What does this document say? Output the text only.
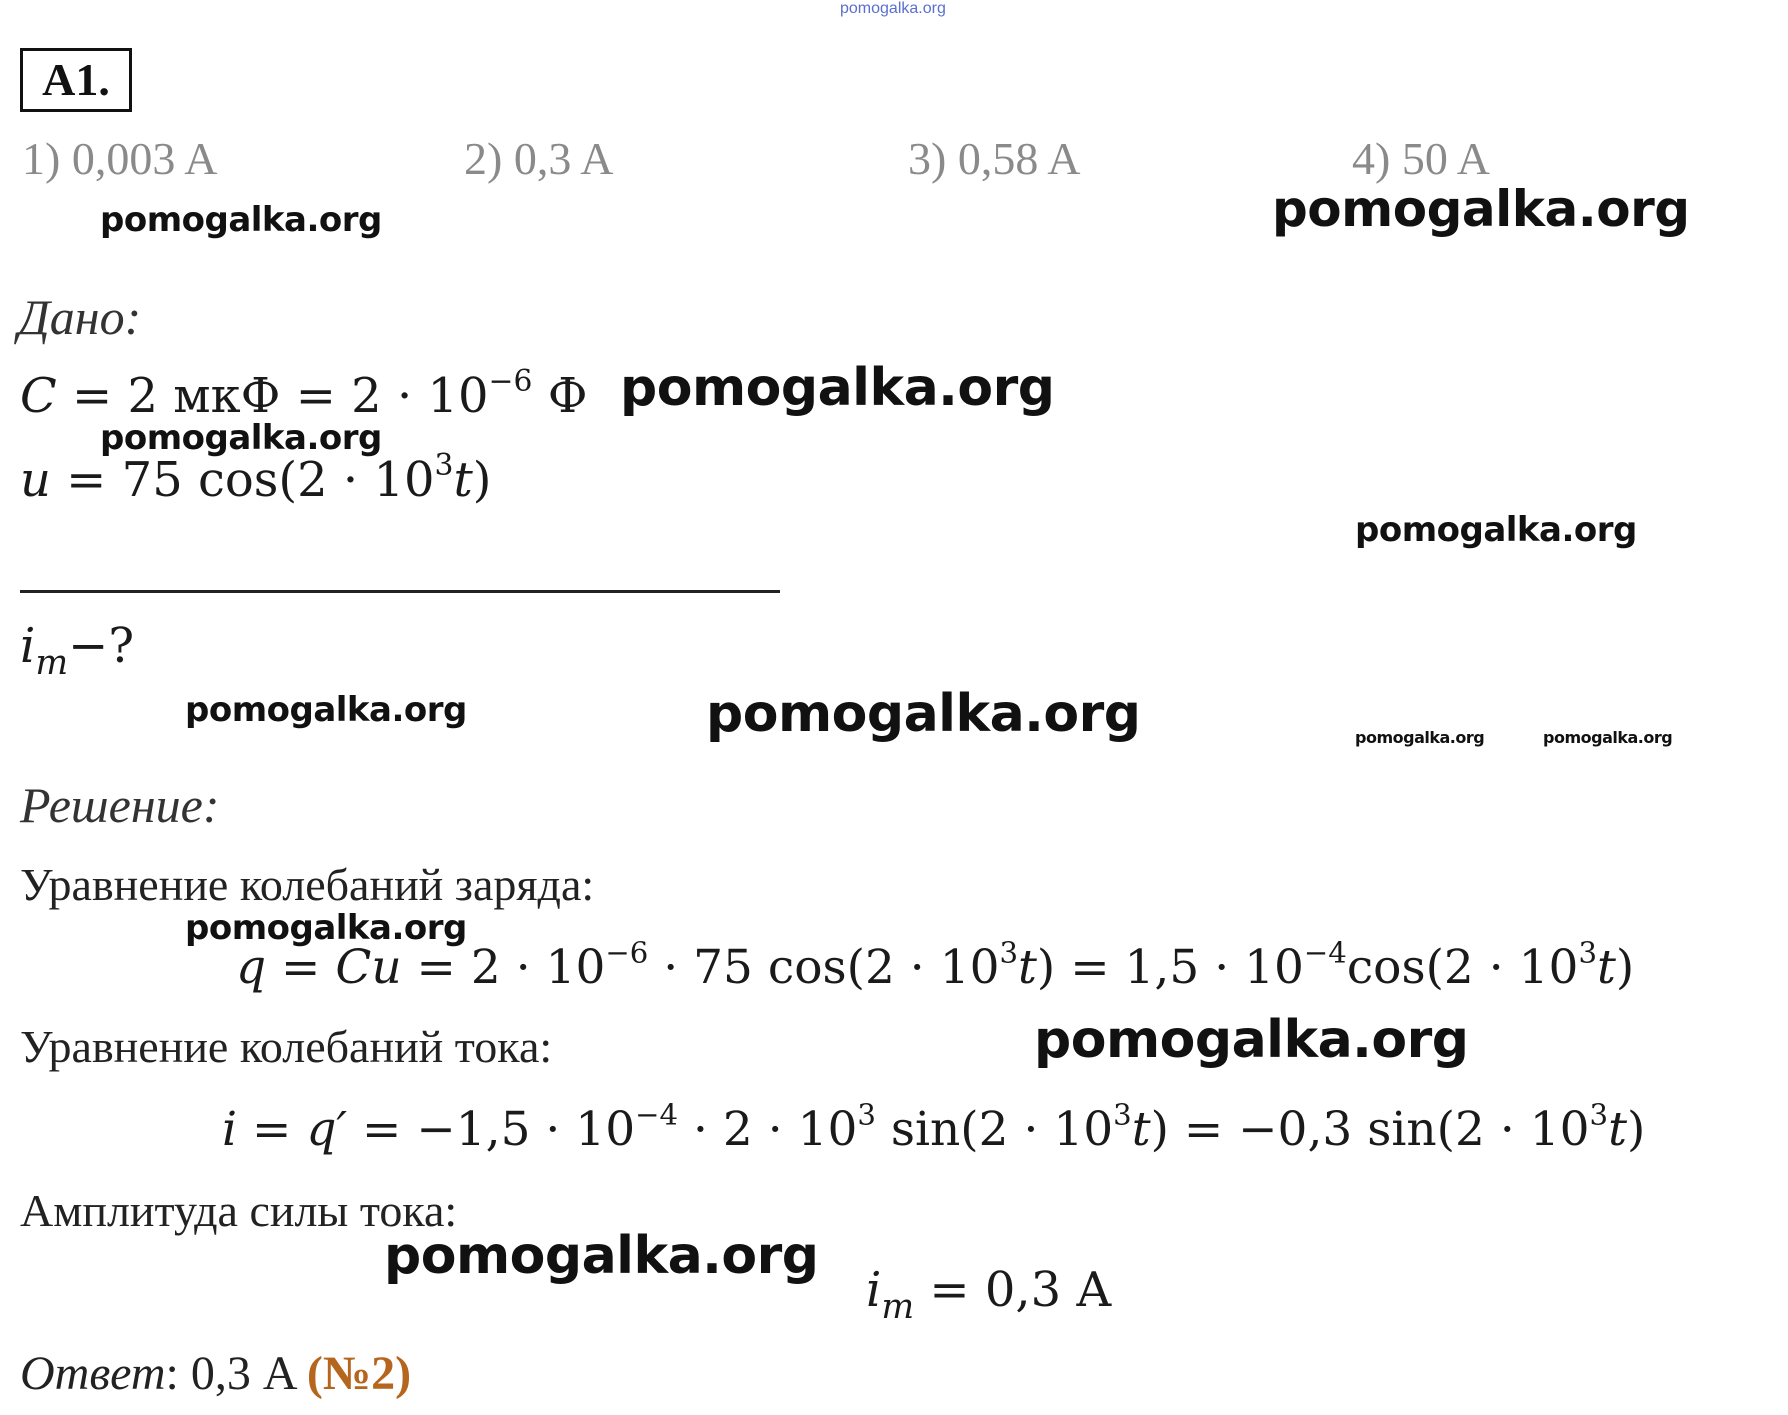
pomogalka.org
A1.
1) 0,003 A	2) 0,3 A	3) 0,58 A	4) 50 A
pomogalka.org	pomogalka.org
Дано:
C = 2 мкФ = $2 \cdot 10^{-6}$ Ф pomogalka.org
pomogalka.org
u = 75 $\cos(2 \cdot 10^3t)$
pomogalka.org
$i_m-$?
pomogalka.org	pomogalka.org	pomogalka.org	pomogalka.org
Решение:
Уравнение колебаний заряда:
pomogalka.org
$q = Cu = 2 \cdot 10^{-6} \cdot 75$ $\cos(2 \cdot 10^3t) = 1,5 \cdot 10^{-4}\cos(2 \cdot 10^3t)$
Уравнение колебаний тока:	pomogalka.org
$i = q' = -1,5 \cdot 10^{-4} \cdot 2 \cdot 10^3$ $\sin(2 \cdot 10^3t) = -0,3$ $\sin(2 \cdot 10^3t)$
Амплитуда силы тока:
pomogalka.org
$i_m = 0,3$ A
Ответ: 0,3 A (№2)
